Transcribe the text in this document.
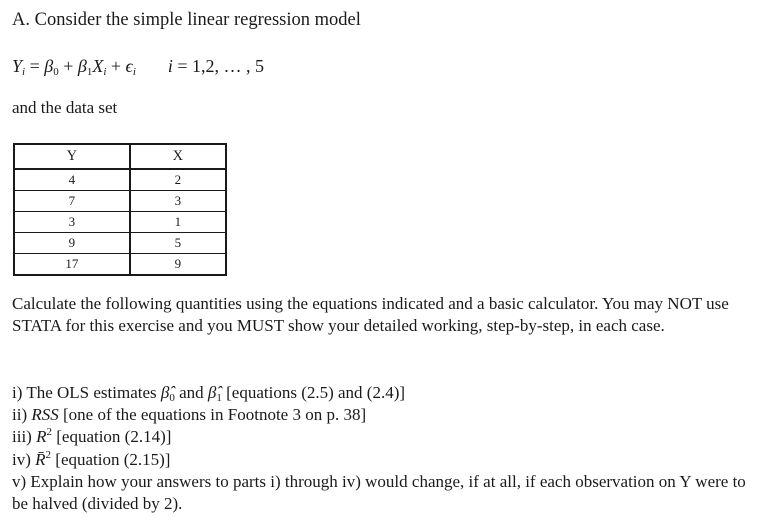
A. Consider the simple linear regression model
$Y_i = \beta_0 + \beta_1X_i + \epsilon_i$ i = 1,2, … , 5
and the data set
Y	X
4	2
7	3
3	1
9	5
17	9
Calculate the following quantities using the equations indicated and a basic calculator. You may NOT use STATA for this exercise and you MUST show your detailed working, step-by-step, in each case.
i) The OLS estimates $\betâ_0$ and $\betâ_1$ [equations (2.5) and (2.4)]
ii) RSS [one of the equations in Footnote 3 on p. 38]
iii) $R^2$ [equation (2.14)]
iv) R̄$^2$ [equation (2.15)]
v) Explain how your answers to parts i) through iv) would change, if at all, if each observation on Y were to be halved (divided by 2).
